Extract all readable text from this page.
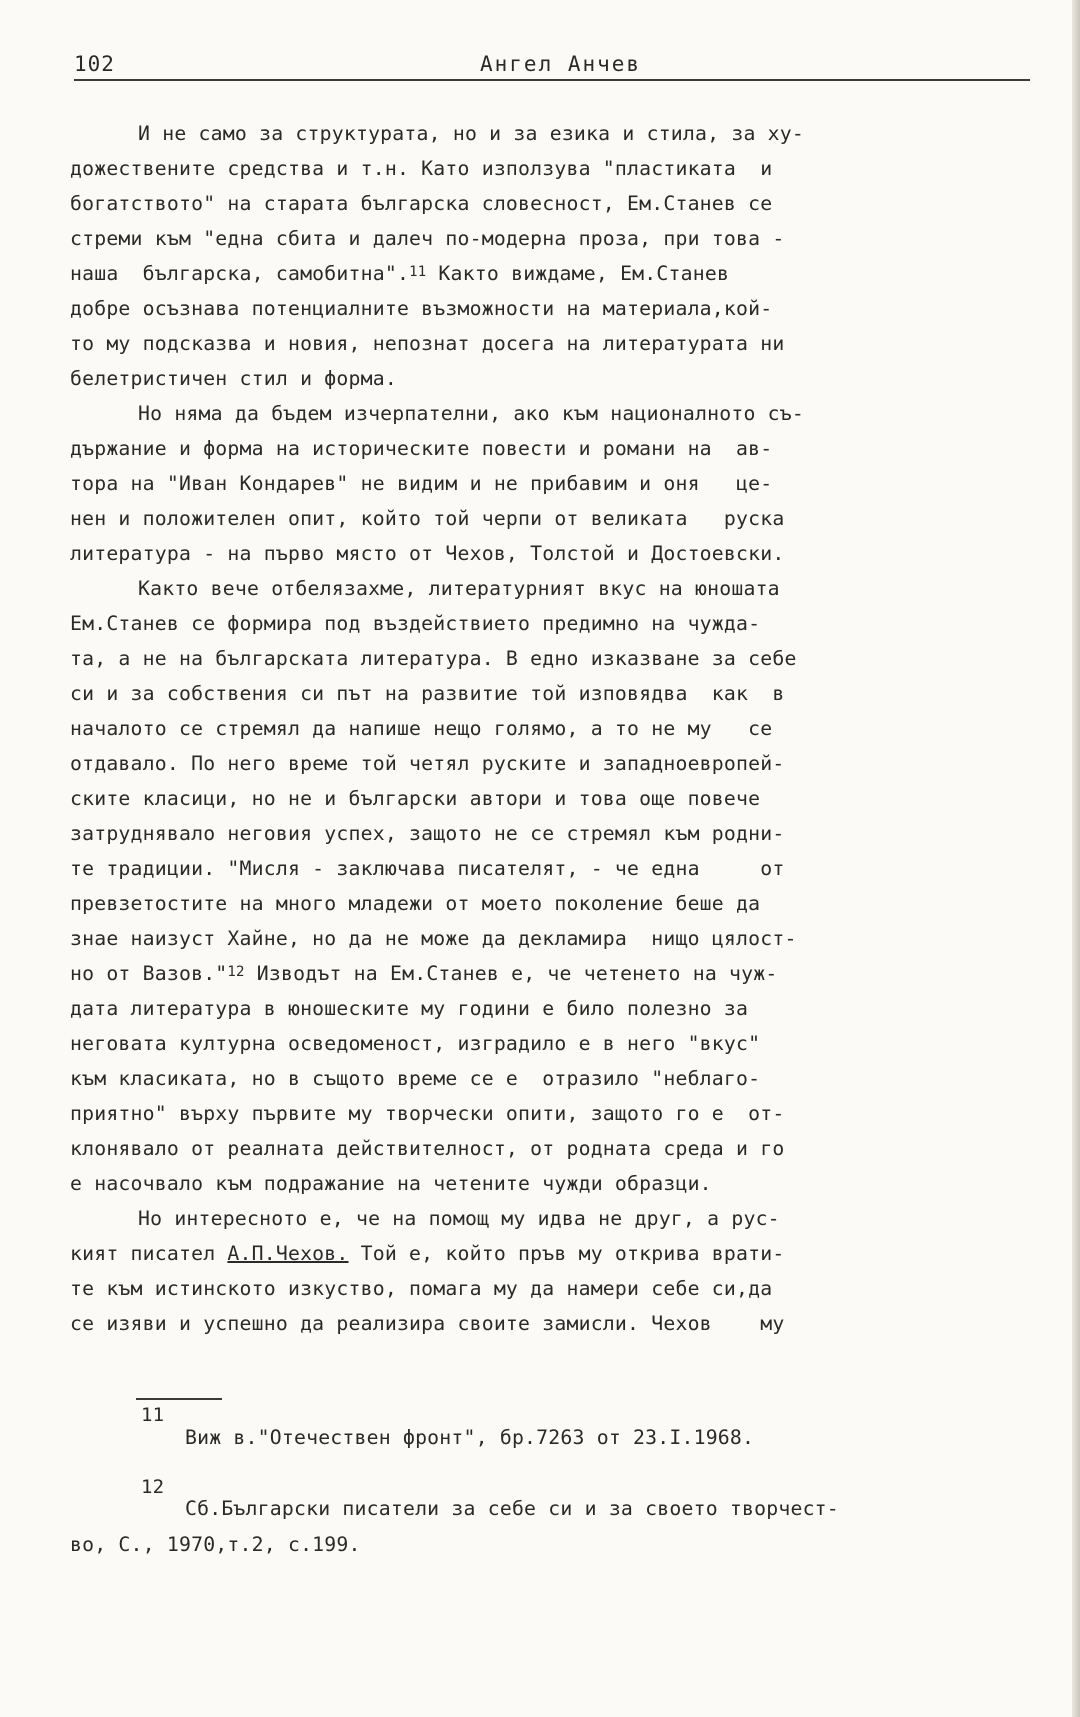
102	Ангел Анчев
И не само за структурата, но и за езика и стила, за ху-
дожествените средства и т.н. Като използува "пластиката  и
богатството" на старата българска словесност, Ем.Станев се
стреми към "една сбита и далеч по-модерна проза, при това -
наша  българска, самобитна".$^{11}$ Както виждаме, Ем.Станев
добре осъзнава потенциалните възможности на материала,кой-
то му подсказва и новия, непознат досега на литературата ни
белетристичен стил и форма.
Но няма да бъдем изчерпателни, ако към националното съ-
държание и форма на историческите повести и романи на  ав-
тора на "Иван Кондарев" не видим и не прибавим и оня   це-
нен и положителен опит, който той черпи от великата   руска
литература - на първо място от Чехов, Толстой и Достоевски.
Както вече отбелязахме, литературният вкус на юношата
Ем.Станев се формира под въздействието предимно на чужда-
та, а не на българската литература. В едно изказване за себе
си и за собствения си път на развитие той изповядва  как  в
началото се стремял да напише нещо голямо, а то не му   се
отдавало. По него време той четял руските и западноевропей-
ските класици, но не и български автори и това още повече
затруднявало неговия успех, защото не се стремял към родни-
те традиции. "Мисля - заключава писателят, - че една     от
превзетостите на много младежи от моето поколение беше да
знае наизуст Хайне, но да не може да декламира  нищо цялост-
но от Вазов."$^{12}$ Изводът на Ем.Станев е, че четенето на чуж-
дата литература в юношеските му години е било полезно за
неговата културна осведоменост, изградило е в него "вкус"
към класиката, но в същото време се е  отразило "неблаго-
приятно" върху първите му творчески опити, защото го е  от-
клонявало от реалната действителност, от родната среда и го
е насочвало към подражание на четените чужди образци.
Но интересното е, че на помощ му идва не друг, а рус-
кият писател А.П.Чехов. Той е, който пръв му открива врати-
те към истинското изкуство, помага му да намери себе си,да
се изяви и успешно да реализира своите замисли. Чехов    му
11
Виж в."Отечествен фронт", бр.7263 от 23.I.1968.
12
Сб.Български писатели за себе си и за своето творчест-
во, С., 1970,т.2, с.199.
